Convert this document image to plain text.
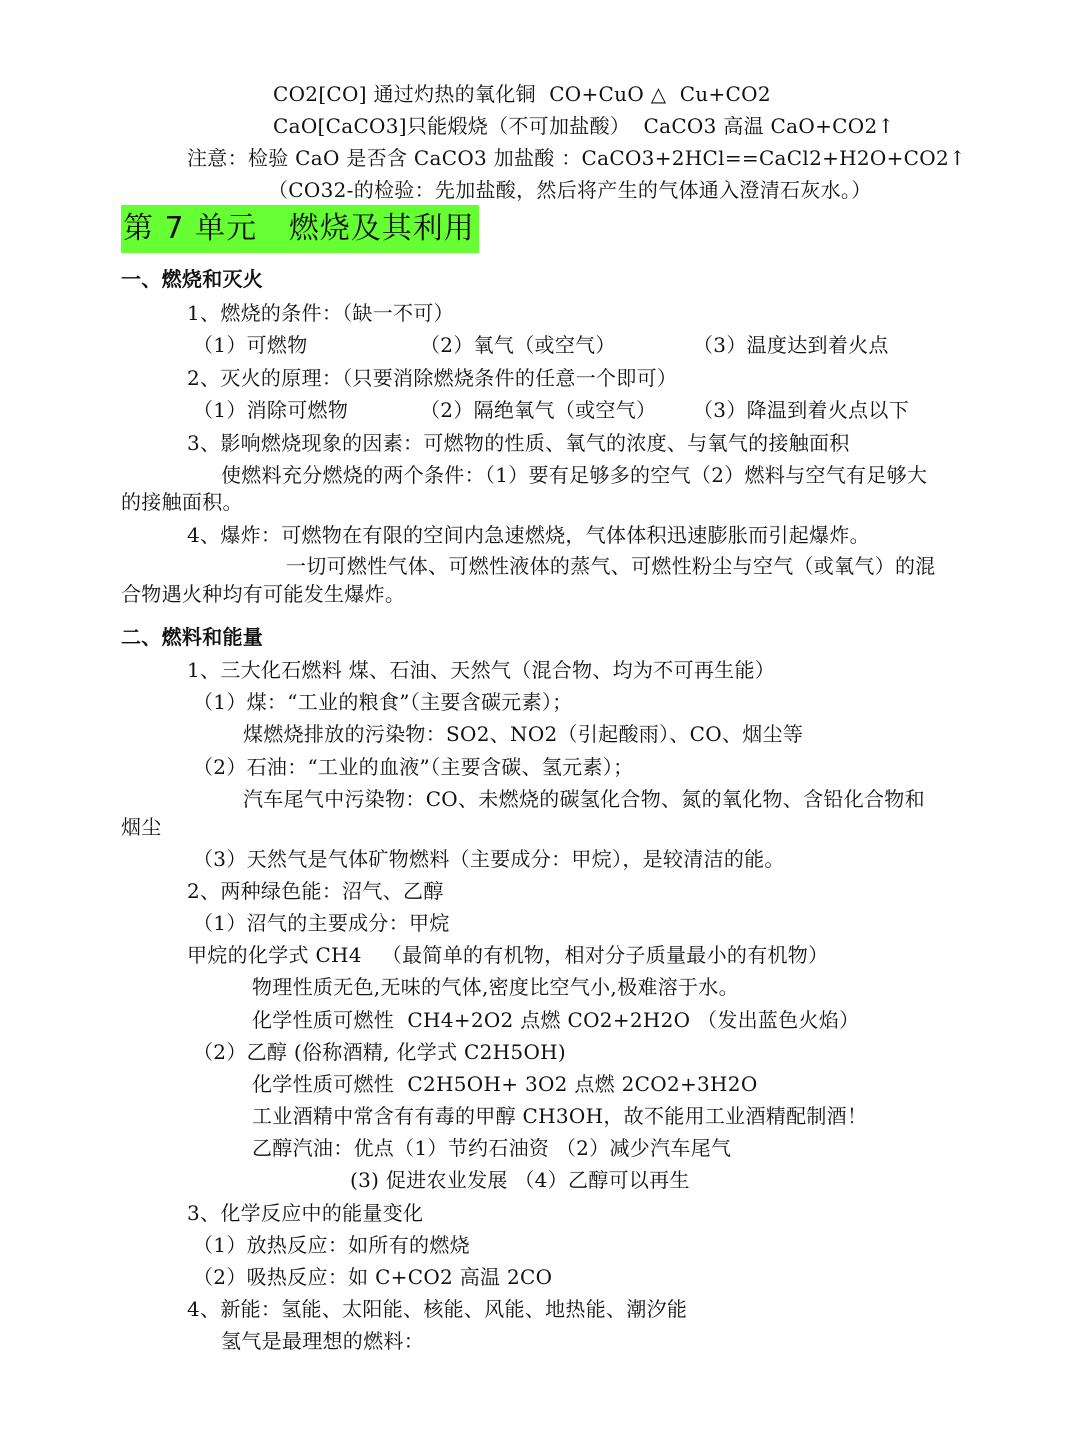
CO2[CO] 通过灼热的氧化铜  CO+CuO △  Cu+CO2
CaO[CaCO3]只能煅烧（不可加盐酸）  CaCO3 高温 CaO+CO2↑
注意：检验 CaO 是否含 CaCO3 加盐酸 ：CaCO3+2HCl==CaCl2+H2O+CO2↑
（CO32-的检验：先加盐酸，然后将产生的气体通入澄清石灰水。）
第 7 单元   燃烧及其利用
一、燃烧和灭火
1、燃烧的条件：（缺一不可）
（1）可燃物	（2）氧气（或空气）	（3）温度达到着火点
2、灭火的原理：（只要消除燃烧条件的任意一个即可）
（1）消除可燃物	（2）隔绝氧气（或空气） （3）降温到着火点以下
3、影响燃烧现象的因素：可燃物的性质、氧气的浓度、与氧气的接触面积
使燃料充分燃烧的两个条件：（1）要有足够多的空气（2）燃料与空气有足够大
的接触面积。
4、爆炸：可燃物在有限的空间内急速燃烧，气体体积迅速膨胀而引起爆炸。
一切可燃性气体、可燃性液体的蒸气、可燃性粉尘与空气（或氧气）的混
合物遇火种均有可能发生爆炸。
二、燃料和能量
1、三大化石燃料 煤、石油、天然气（混合物、均为不可再生能）
（1）煤：“工业的粮食”（主要含碳元素）；
煤燃烧排放的污染物：SO2、NO2（引起酸雨）、CO、烟尘等
（2）石油：“工业的血液”（主要含碳、氢元素）；
汽车尾气中污染物：CO、未燃烧的碳氢化合物、氮的氧化物、含铅化合物和
烟尘
（3）天然气是气体矿物燃料（主要成分：甲烷），是较清洁的能。
2、两种绿色能：沼气、乙醇
（1）沼气的主要成分：甲烷
甲烷的化学式 CH4   （最简单的有机物，相对分子质量最小的有机物）
物理性质无色,无味的气体,密度比空气小,极难溶于水。
化学性质可燃性  CH4+2O2 点燃 CO2+2H2O （发出蓝色火焰）
（2）乙醇 (俗称酒精, 化学式 C2H5OH)
化学性质可燃性  C2H5OH+ 3O2 点燃 2CO2+3H2O
工业酒精中常含有有毒的甲醇 CH3OH，故不能用工业酒精配制酒！
乙醇汽油：优点（1）节约石油资 （2）减少汽车尾气
(3) 促进农业发展 （4）乙醇可以再生
3、化学反应中的能量变化
（1）放热反应：如所有的燃烧
（2）吸热反应：如 C+CO2 高温 2CO
4、新能：氢能、太阳能、核能、风能、地热能、潮汐能
氢气是最理想的燃料：
